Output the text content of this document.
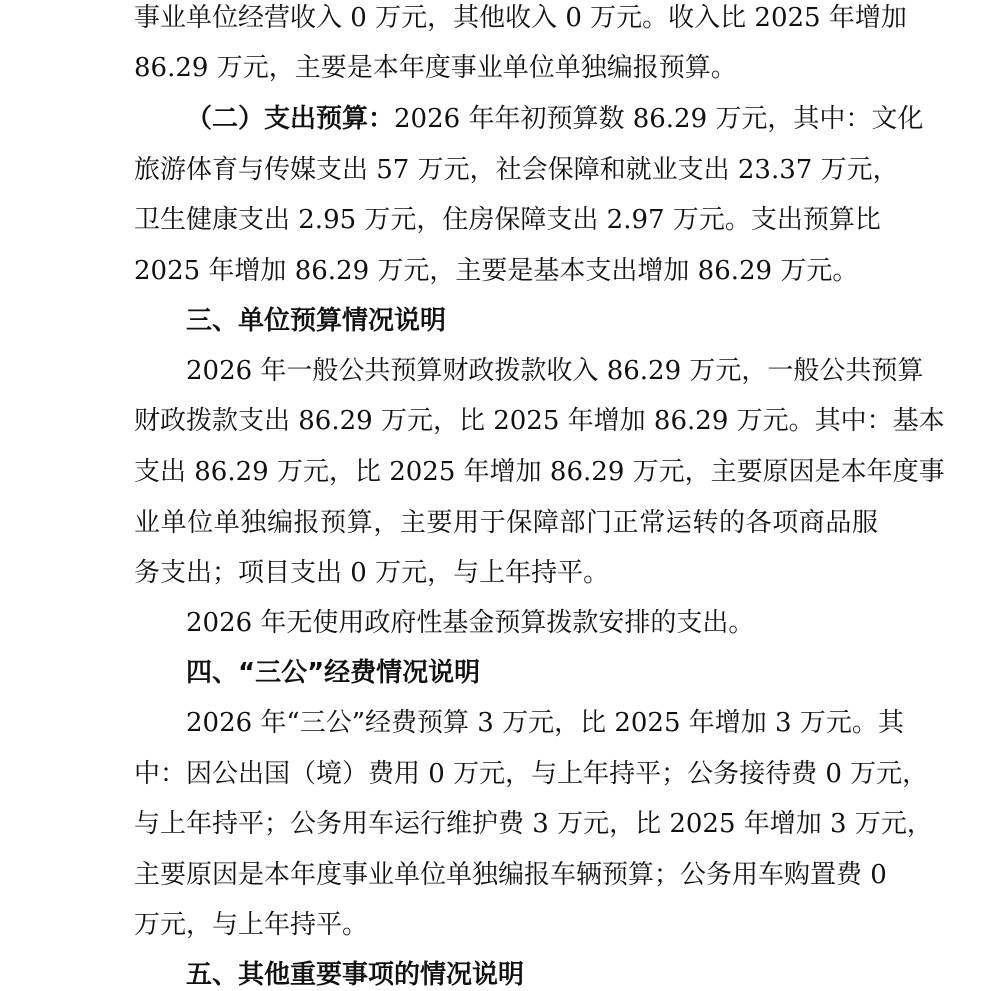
事业单位经营收入 0 万元，其他收入 0 万元。收入比 2025 年增加
86.29 万元，主要是本年度事业单位单独编报预算。
（二）支出预算：2026 年年初预算数 86.29 万元，其中：文化
旅游体育与传媒支出 57 万元，社会保障和就业支出 23.37 万元，
卫生健康支出 2.95 万元，住房保障支出 2.97 万元。支出预算比
2025 年增加 86.29 万元，主要是基本支出增加 86.29 万元。
三、单位预算情况说明
2026 年一般公共预算财政拨款收入 86.29 万元，一般公共预算
财政拨款支出 86.29 万元，比 2025 年增加 86.29 万元。其中：基本
支出 86.29 万元，比 2025 年增加 86.29 万元，主要原因是本年度事
业单位单独编报预算，主要用于保障部门正常运转的各项商品服
务支出；项目支出 0 万元，与上年持平。
2026 年无使用政府性基金预算拨款安排的支出。
四、“三公”经费情况说明
2026 年“三公”经费预算 3 万元，比 2025 年增加 3 万元。其
中：因公出国（境）费用 0 万元，与上年持平；公务接待费 0 万元，
与上年持平；公务用车运行维护费 3 万元，比 2025 年增加 3 万元，
主要原因是本年度事业单位单独编报车辆预算；公务用车购置费 0
万元，与上年持平。
五、其他重要事项的情况说明
